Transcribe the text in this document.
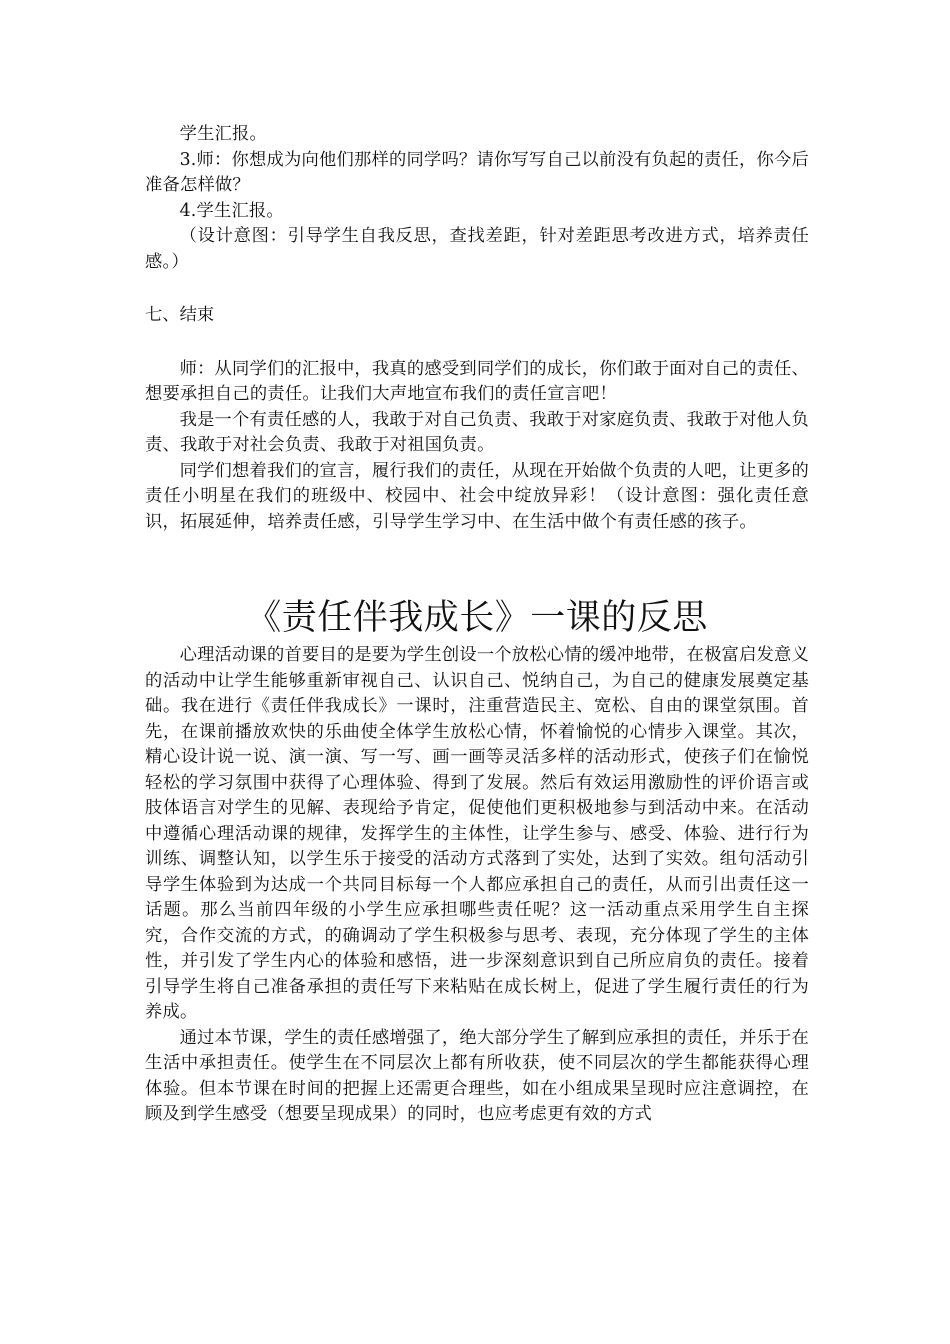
学生汇报。

3.师：你想成为向他们那样的同学吗？请你写写自己以前没有负起的责任，你今后准备怎样做？

4.学生汇报。

（设计意图：引导学生自我反思，查找差距，针对差距思考改进方式，培养责任感。）

七、结束

师：从同学们的汇报中，我真的感受到同学们的成长，你们敢于面对自己的责任、想要承担自己的责任。让我们大声地宣布我们的责任宣言吧！

我是一个有责任感的人，我敢于对自己负责、我敢于对家庭负责、我敢于对他人负责、我敢于对社会负责、我敢于对祖国负责。

同学们想着我们的宣言，履行我们的责任，从现在开始做个负责的人吧，让更多的责任小明星在我们的班级中、校园中、社会中绽放异彩！（设计意图：强化责任意识，拓展延伸，培养责任感，引导学生学习中、在生活中做个有责任感的孩子。

《责任伴我成长》一课的反思

心理活动课的首要目的是要为学生创设一个放松心情的缓冲地带，在极富启发意义的活动中让学生能够重新审视自己、认识自己、悦纳自己，为自己的健康发展奠定基础。我在进行《责任伴我成长》一课时，注重营造民主、宽松、自由的课堂氛围。首先，在课前播放欢快的乐曲使全体学生放松心情，怀着愉悦的心情步入课堂。其次，精心设计说一说、演一演、写一写、画一画等灵活多样的活动形式，使孩子们在愉悦轻松的学习氛围中获得了心理体验、得到了发展。然后有效运用激励性的评价语言或肢体语言对学生的见解、表现给予肯定，促使他们更积极地参与到活动中来。在活动中遵循心理活动课的规律，发挥学生的主体性，让学生参与、感受、体验、进行行为训练、调整认知，以学生乐于接受的活动方式落到了实处，达到了实效。组句活动引导学生体验到为达成一个共同目标每一个人都应承担自己的责任，从而引出责任这一话题。那么当前四年级的小学生应承担哪些责任呢？这一活动重点采用学生自主探究，合作交流的方式，的确调动了学生积极参与思考、表现，充分体现了学生的主体性，并引发了学生内心的体验和感悟，进一步深刻意识到自己所应肩负的责任。接着引导学生将自己准备承担的责任写下来粘贴在成长树上，促进了学生履行责任的行为养成。

通过本节课，学生的责任感增强了，绝大部分学生了解到应承担的责任，并乐于在生活中承担责任。使学生在不同层次上都有所收获，使不同层次的学生都能获得心理体验。但本节课在时间的把握上还需更合理些，如在小组成果呈现时应注意调控，在顾及到学生感受（想要呈现成果）的同时，也应考虑更有效的方式
